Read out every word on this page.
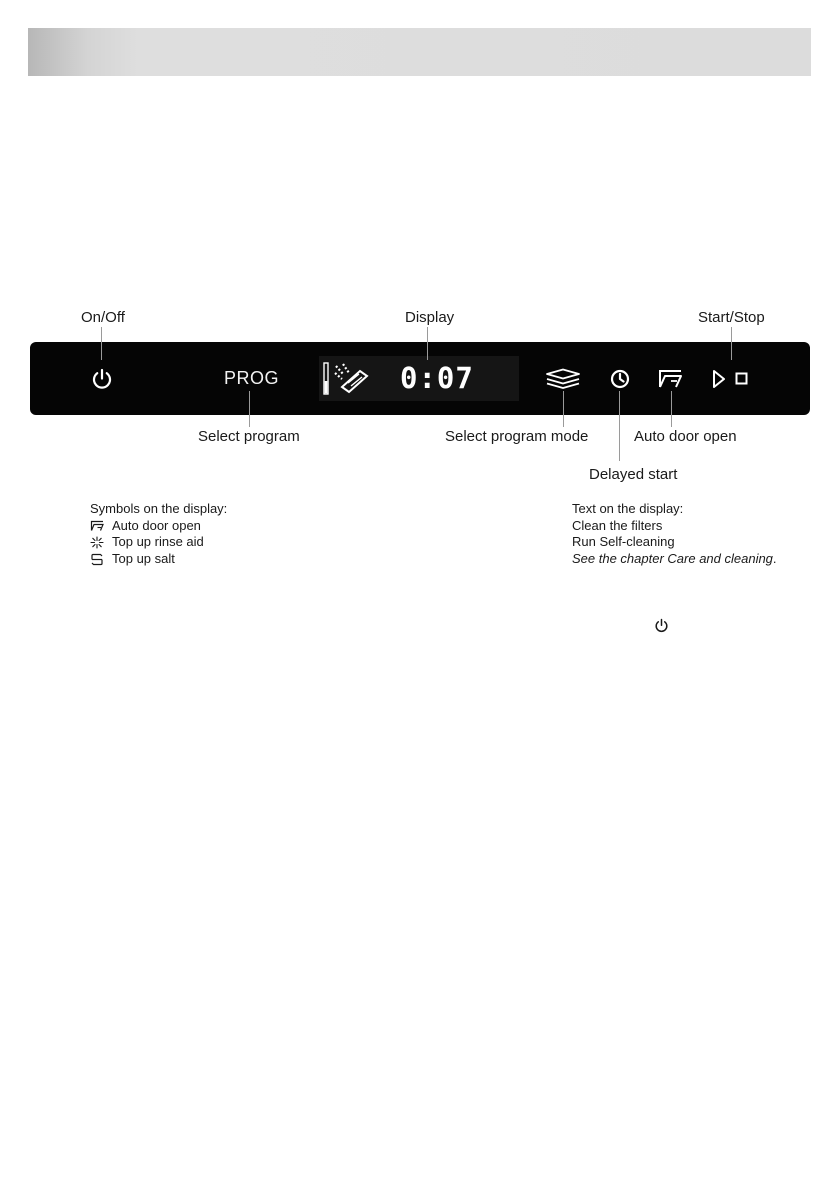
On/Off	Display	Start/Stop
PROG	0:07
Select program	Select program mode	Auto door open
Delayed start
Symbols on the display:
Auto door open
Top up rinse aid
Top up salt
Text on the display:
Clean the filters
Run Self-cleaning
See the chapter Care and cleaning.
